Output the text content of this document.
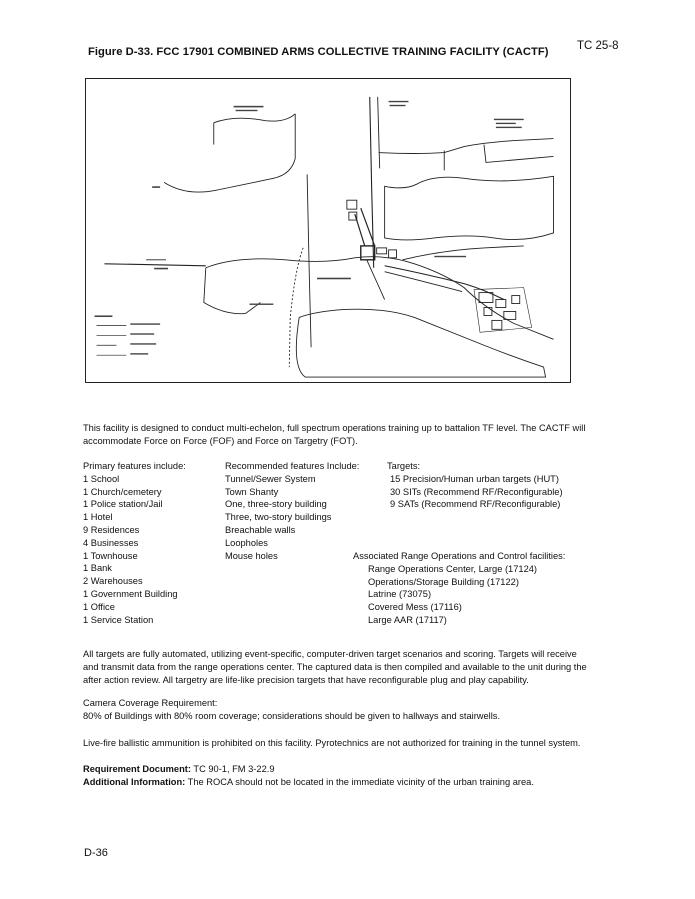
TC 25-8
Figure D-33. FCC 17901 COMBINED ARMS COLLECTIVE TRAINING FACILITY (CACTF)
This facility is designed to conduct multi-echelon, full spectrum operations training up to battalion TF level. The CACTF will accommodate Force on Force (FOF) and Force on Targetry (FOT).
Primary features include:
1 School
1 Church/cemetery
1 Police station/Jail
1 Hotel
9 Residences
4 Businesses
1 Townhouse
1 Bank
2 Warehouses
1 Government Building
1 Office
1 Service Station
Recommended features Include:
Tunnel/Sewer System
Town Shanty
One, three-story building
Three, two-story buildings
Breachable walls
Loopholes
Mouse holes
Targets:
15 Precision/Human urban targets (HUT)
30 SITs (Recommend RF/Reconfigurable)
9 SATs (Recommend RF/Reconfigurable)
Associated Range Operations and Control facilities:
Range Operations Center, Large (17124)
Operations/Storage Building (17122)
Latrine (73075)
Covered Mess (17116)
Large AAR (17117)
All targets are fully automated, utilizing event-specific, computer-driven target scenarios and scoring. Targets will receive and transmit data from the range operations center. The captured data is then compiled and available to the unit during the after action review. All targetry are life-like precision targets that have reconfigurable plug and play capability.
Camera Coverage Requirement:
80% of Buildings with 80% room coverage; considerations should be given to hallways and stairwells.
Live-fire ballistic ammunition is prohibited on this facility. Pyrotechnics are not authorized for training in the tunnel system.
Requirement Document: TC 90-1, FM 3-22.9
Additional Information: The ROCA should not be located in the immediate vicinity of the urban training area.
D-36
